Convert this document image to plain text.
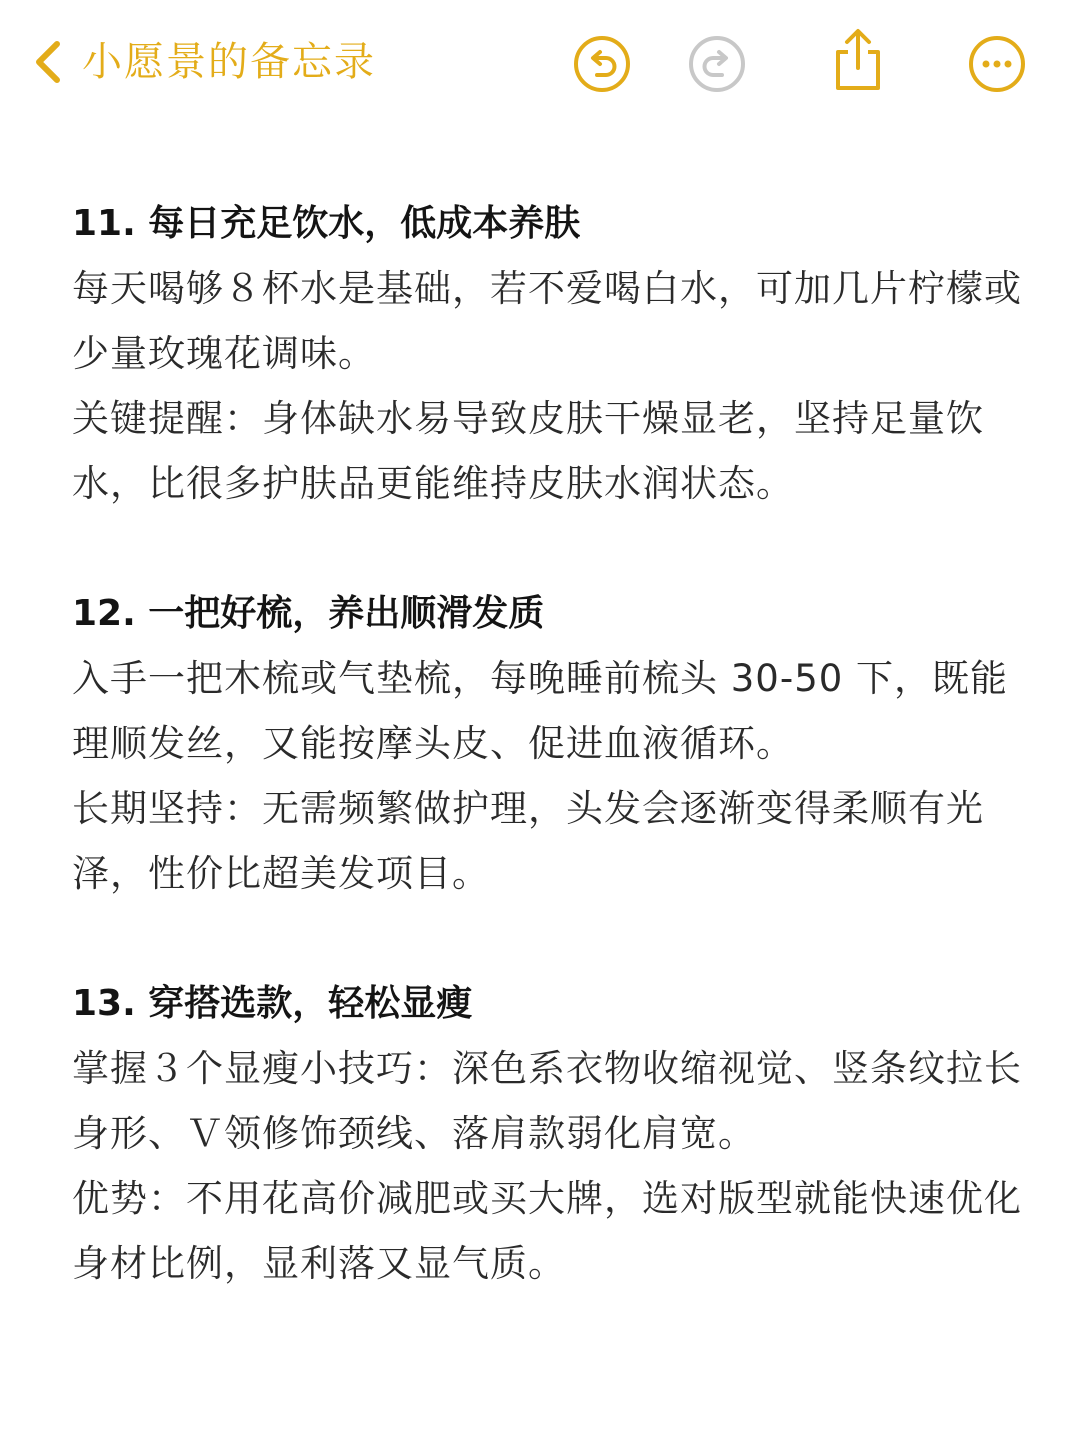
小愿景的备忘录
11. 每日充足饮水，低成本养肤

每天喝够８杯水是基础，若不爱喝白水，可加几片柠檬或少量玫瑰花调味。

关键提醒：身体缺水易导致皮肤干燥显老，坚持足量饮水，比很多护肤品更能维持皮肤水润状态。

12. 一把好梳，养出顺滑发质

入手一把木梳或气垫梳，每晚睡前梳头 30-50 下，既能理顺发丝，又能按摩头皮、促进血液循环。

长期坚持：无需频繁做护理，头发会逐渐变得柔顺有光泽，性价比超美发项目。

13. 穿搭选款，轻松显瘦

掌握３个显瘦小技巧：深色系衣物收缩视觉、竖条纹拉长身形、Ｖ领修饰颈线、落肩款弱化肩宽。

优势：不用花高价减肥或买大牌，选对版型就能快速优化身材比例，显利落又显气质。
